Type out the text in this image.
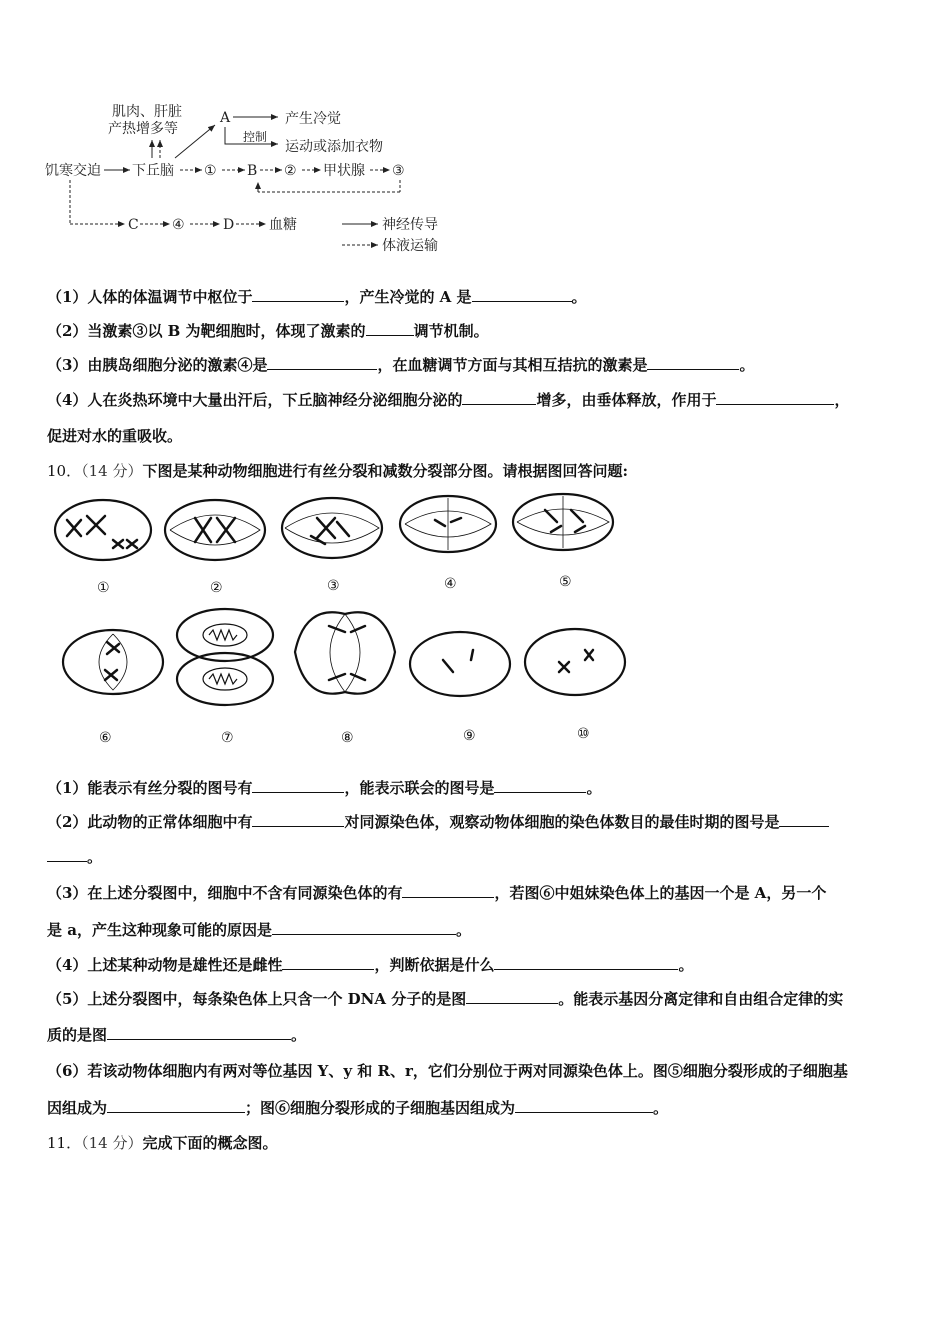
肌肉、肝脏
产热增多等
A	产生冷觉
控制
运动或添加衣物
饥寒交迫 下丘脑 ① B ② 甲状腺 ③
C ④	D 血糖	神经传导
体液运输
（1）人体的体温调节中枢位于	，产生冷觉的 A 是	。
（2）当激素③以 B 为靶细胞时，体现了激素的	调节机制。
（3）由胰岛细胞分泌的激素④是	，在血糖调节方面与其相互拮抗的激素是	。
（4）人在炎热环境中大量出汗后，下丘脑神经分泌细胞分泌的	增多，由垂体释放，作用于	，
促进对水的重吸收。
10．（14 分）下图是某种动物细胞进行有丝分裂和减数分裂部分图。请根据图回答问题:
①	②	③	④	⑤
⑥	⑦	⑧	⑨	⑩
（1）能表示有丝分裂的图号有	，能表示联会的图号是	。
（2）此动物的正常体细胞中有	对同源染色体，观察动物体细胞的染色体数目的最佳时期的图号是
。
（3）在上述分裂图中，细胞中不含有同源染色体的有	，若图⑥中姐妹染色体上的基因一个是 A，另一个
是 a，产生这种现象可能的原因是	。
（4）上述某种动物是雄性还是雌性	，判断依据是什么	。
（5）上述分裂图中，每条染色体上只含一个 DNA 分子的是图	。能表示基因分离定律和自由组合定律的实
质的是图	。
（6）若该动物体细胞内有两对等位基因 Y、y 和 R、r，它们分别位于两对同源染色体上。图⑤细胞分裂形成的子细胞基
因组成为	；图⑥细胞分裂形成的子细胞基因组成为	。
11．（14 分）完成下面的概念图。
